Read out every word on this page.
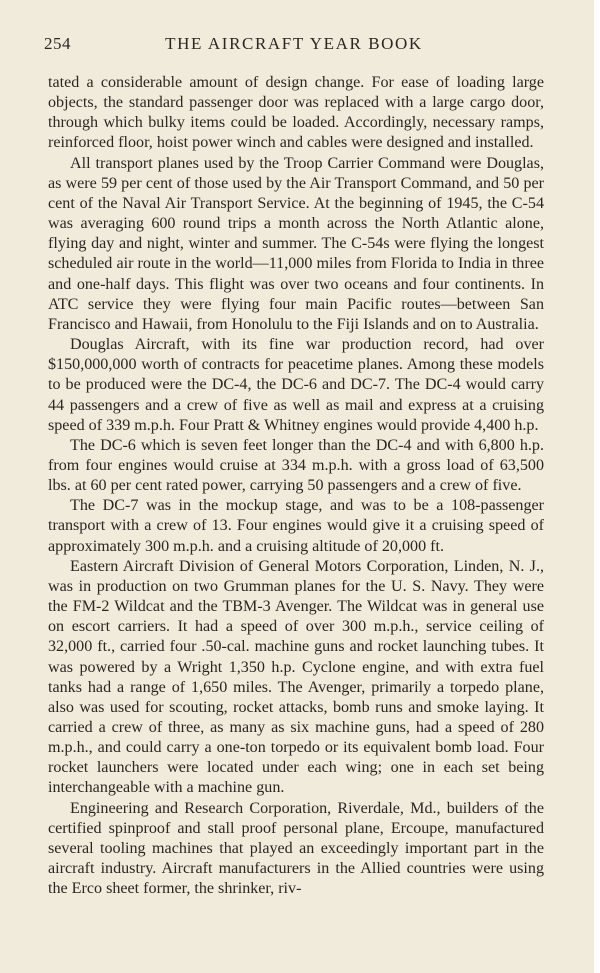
254	THE AIRCRAFT YEAR BOOK

tated a considerable amount of design change. For ease of loading large objects, the standard passenger door was replaced with a large cargo door, through which bulky items could be loaded. Accordingly, necessary ramps, reinforced floor, hoist power winch and cables were designed and installed.

All transport planes used by the Troop Carrier Command were Douglas, as were 59 per cent of those used by the Air Transport Command, and 50 per cent of the Naval Air Transport Service. At the beginning of 1945, the C-54 was averaging 600 round trips a month across the North Atlantic alone, flying day and night, winter and summer. The C-54s were flying the longest scheduled air route in the world—11,000 miles from Florida to India in three and one-half days. This flight was over two oceans and four continents. In ATC service they were flying four main Pacific routes—between San Francisco and Hawaii, from Honolulu to the Fiji Islands and on to Australia.

Douglas Aircraft, with its fine war production record, had over $150,000,000 worth of contracts for peacetime planes. Among these models to be produced were the DC-4, the DC-6 and DC-7. The DC-4 would carry 44 passengers and a crew of five as well as mail and express at a cruising speed of 339 m.p.h. Four Pratt & Whitney engines would provide 4,400 h.p.

The DC-6 which is seven feet longer than the DC-4 and with 6,800 h.p. from four engines would cruise at 334 m.p.h. with a gross load of 63,500 lbs. at 60 per cent rated power, carrying 50 passengers and a crew of five.

The DC-7 was in the mockup stage, and was to be a 108-passenger transport with a crew of 13. Four engines would give it a cruising speed of approximately 300 m.p.h. and a cruising altitude of 20,000 ft.

Eastern Aircraft Division of General Motors Corporation, Linden, N. J., was in production on two Grumman planes for the U. S. Navy. They were the FM-2 Wildcat and the TBM-3 Avenger. The Wildcat was in general use on escort carriers. It had a speed of over 300 m.p.h., service ceiling of 32,000 ft., carried four .50-cal. machine guns and rocket launching tubes. It was powered by a Wright 1,350 h.p. Cyclone engine, and with extra fuel tanks had a range of 1,650 miles. The Avenger, primarily a torpedo plane, also was used for scouting, rocket attacks, bomb runs and smoke laying. It carried a crew of three, as many as six machine guns, had a speed of 280 m.p.h., and could carry a one-ton torpedo or its equivalent bomb load. Four rocket launchers were located under each wing; one in each set being interchangeable with a machine gun.

Engineering and Research Corporation, Riverdale, Md., builders of the certified spinproof and stall proof personal plane, Ercoupe, manufactured several tooling machines that played an exceedingly important part in the aircraft industry. Aircraft manufacturers in the Allied countries were using the Erco sheet former, the shrinker, riv-
